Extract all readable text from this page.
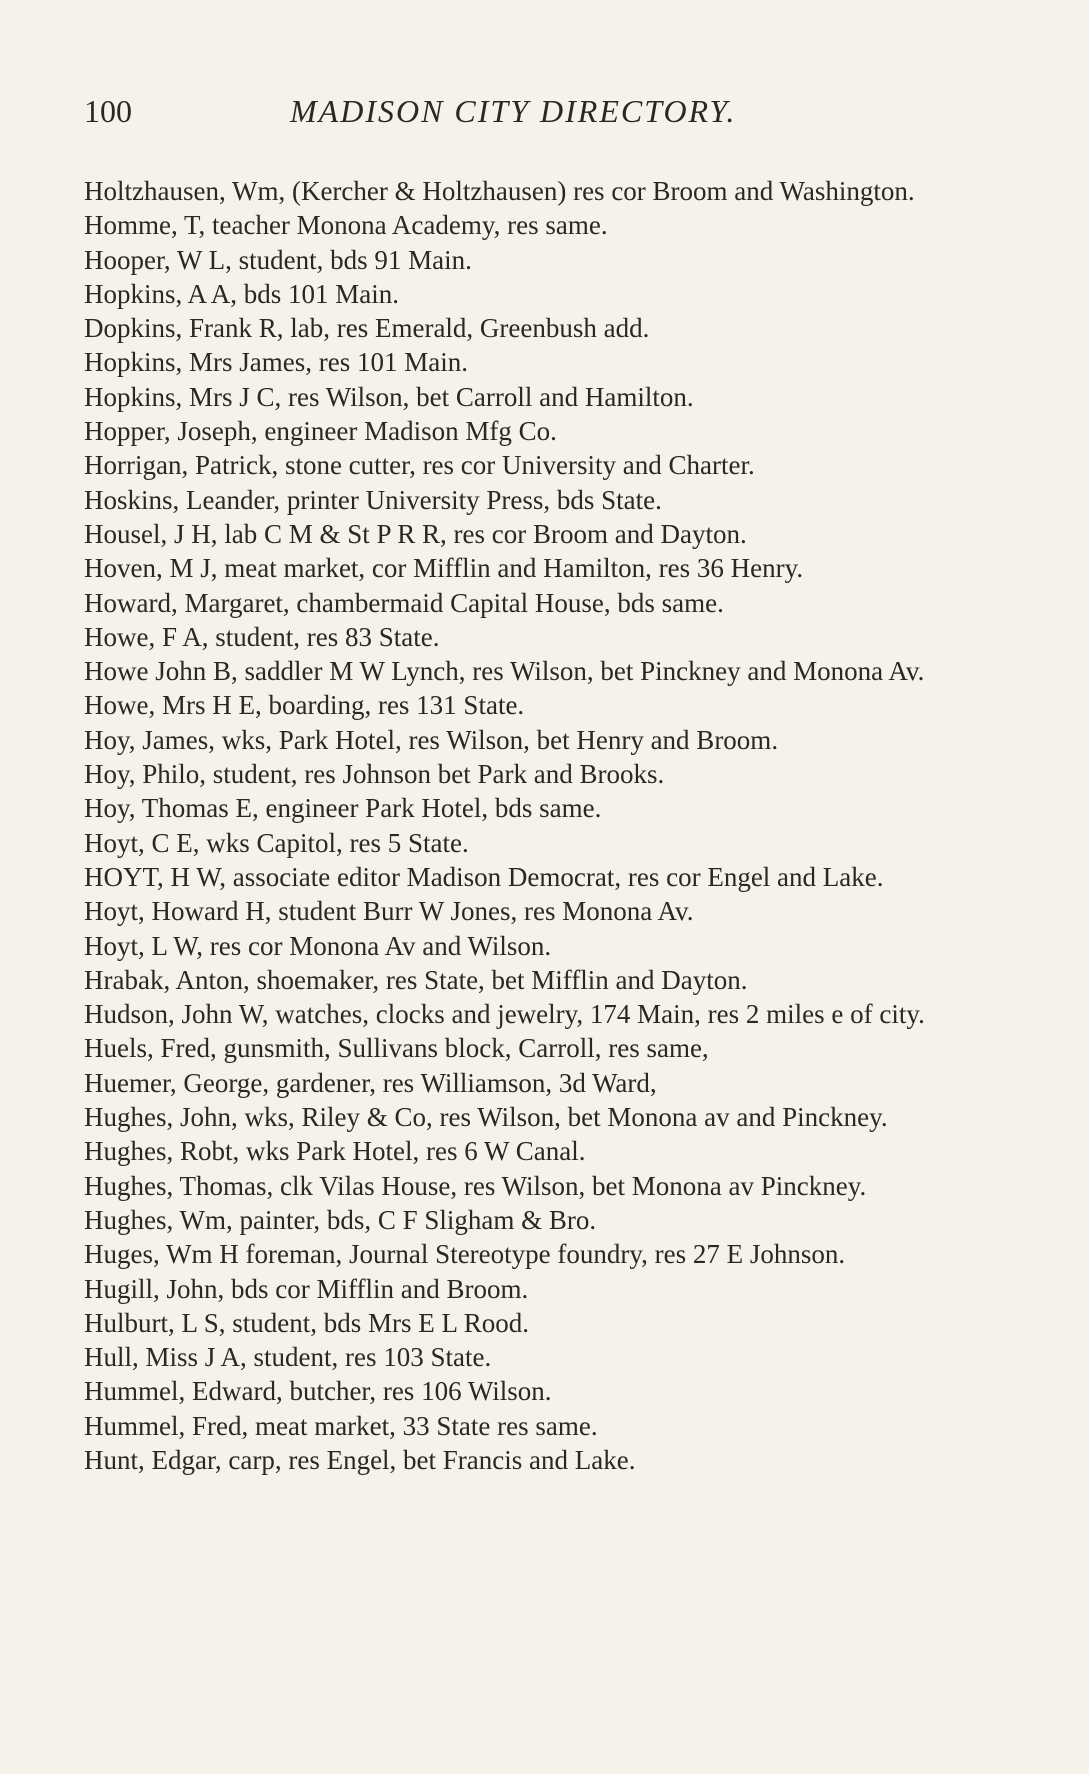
100	MADISON CITY DIRECTORY.
Holtzhausen, Wm, (Kercher & Holtzhausen) res cor Broom and Washington.
Homme, T, teacher Monona Academy, res same.
Hooper, W L, student, bds 91 Main.
Hopkins, A A, bds 101 Main.
Dopkins, Frank R, lab, res Emerald, Greenbush add.
Hopkins, Mrs James, res 101 Main.
Hopkins, Mrs J C, res Wilson, bet Carroll and Hamilton.
Hopper, Joseph, engineer Madison Mfg Co.
Horrigan, Patrick, stone cutter, res cor University and Charter.
Hoskins, Leander, printer University Press, bds State.
Housel, J H, lab C M & St P R R, res cor Broom and Dayton.
Hoven, M J, meat market, cor Mifflin and Hamilton, res 36 Henry.
Howard, Margaret, chambermaid Capital House, bds same.
Howe, F A, student, res 83 State.
Howe John B, saddler M W Lynch, res Wilson, bet Pinckney and Monona Av.
Howe, Mrs H E, boarding, res 131 State.
Hoy, James, wks, Park Hotel, res Wilson, bet Henry and Broom.
Hoy, Philo, student, res Johnson bet Park and Brooks.
Hoy, Thomas E, engineer Park Hotel, bds same.
Hoyt, C E, wks Capitol, res 5 State.
HOYT, H W, associate editor Madison Democrat, res cor Engel and Lake.
Hoyt, Howard H, student Burr W Jones, res Monona Av.
Hoyt, L W, res cor Monona Av and Wilson.
Hrabak, Anton, shoemaker, res State, bet Mifflin and Dayton.
Hudson, John W, watches, clocks and jewelry, 174 Main, res 2 miles e of city.
Huels, Fred, gunsmith, Sullivans block, Carroll, res same,
Huemer, George, gardener, res Williamson, 3d Ward,
Hughes, John, wks, Riley & Co, res Wilson, bet Monona av and Pinckney.
Hughes, Robt, wks Park Hotel, res 6 W Canal.
Hughes, Thomas, clk Vilas House, res Wilson, bet Monona av Pinckney.
Hughes, Wm, painter, bds, C F Sligham & Bro.
Huges, Wm H foreman, Journal Stereotype foundry, res 27 E Johnson.
Hugill, John, bds cor Mifflin and Broom.
Hulburt, L S, student, bds Mrs E L Rood.
Hull, Miss J A, student, res 103 State.
Hummel, Edward, butcher, res 106 Wilson.
Hummel, Fred, meat market, 33 State res same.
Hunt, Edgar, carp, res Engel, bet Francis and Lake.
